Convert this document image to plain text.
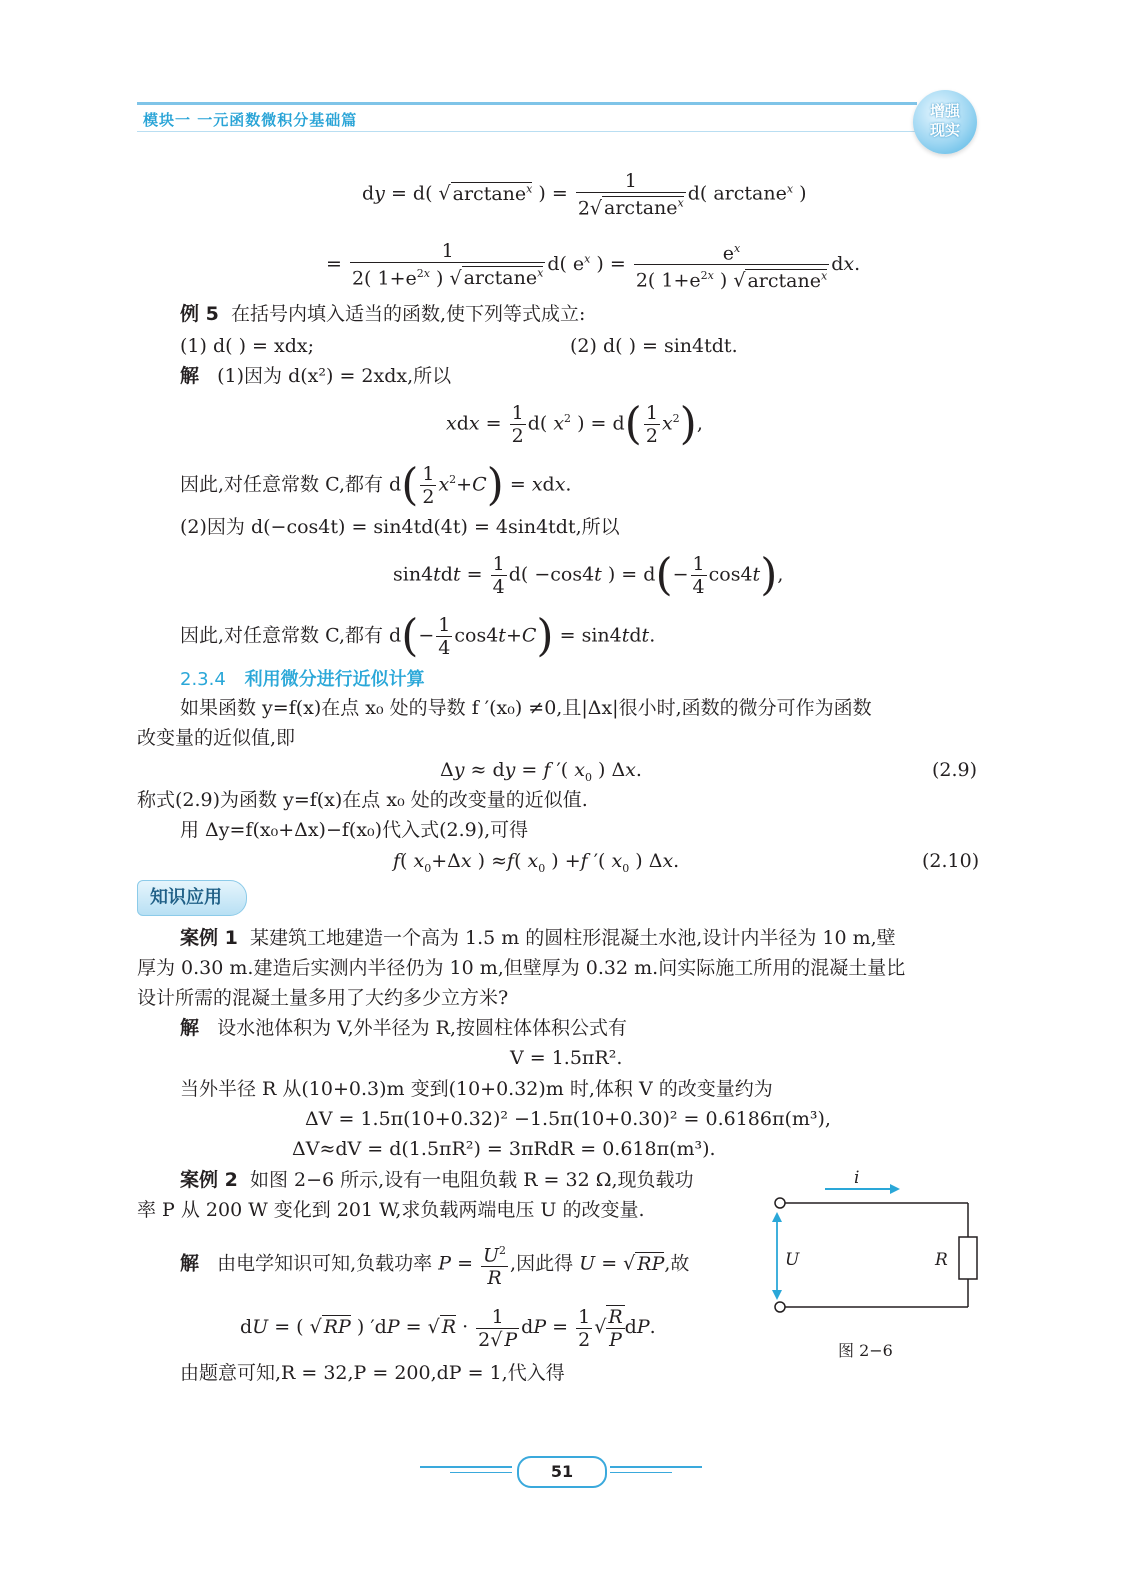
模块一 一元函数微积分基础篇	增强
现实
dy = d( √ arctane$^x$ ) = $\frac{1}{2√ \arctan e^x} d$( arctane$^x$ )
= $\frac{1}{2( 1+e^{2x} ) √ \arctan e^x} d$( $e^x$ ) = $\frac{e^x}{2( 1+e^{2x} ) √ \arctan e^x}$ dx.
例 5 在括号内填入适当的函数,使下列等式成立:
(1) d( ) = xdx;	(2) d( ) = sin4tdt.
解 (1)因为 d(x²) = 2xdx,所以
xdx = $\frac{1}{2} d$( $x^2$ ) = $d( \frac{1}{2} x^2)$,
因此,对任意常数 C,都有 $d( \frac{1}{2} x^2+C)$ = xdx.
(2)因为 d(−cos4t) = sin4td(4t) = 4sin4tdt,所以
$\sin 4tdt = \frac{1}{4} d( -\cos 4t$ ) = $d(- \frac{1}{4} \cos 4t)$,
因此,对任意常数 C,都有 $d(- \frac{1}{4} \cos 4t+C) = \sin 4tdt$.
2.3.4 利用微分进行近似计算
如果函数 y=f(x)在点 x₀ 处的导数 f ′(x₀) ≠0,且|Δx|很小时,函数的微分可作为函数
改变量的近似值,即
Δy ≈ dy = f ′( $x_0$ ) Δx.	(2.9)
称式(2.9)为函数 y=f(x)在点 x₀ 处的改变量的近似值.
用 Δy=f(x₀+Δx)−f(x₀)代入式(2.9),可得
f( $x_0+\Delta x$ ) ≈f( $x_0$ ) +f ′( $x_0$ ) Δx.	(2.10)
知识应用
案例 1 某建筑工地建造一个高为 1.5 m 的圆柱形混凝土水池,设计内半径为 10 m,壁
厚为 0.30 m.建造后实测内半径仍为 10 m,但壁厚为 0.32 m.问实际施工所用的混凝土量比
设计所需的混凝土量多用了大约多少立方米?
解 设水池体积为 V,外半径为 R,按圆柱体体积公式有
V = 1.5πR².
当外半径 R 从(10+0.3)m 变到(10+0.32)m 时,体积 V 的改变量约为
ΔV = 1.5π(10+0.32)² −1.5π(10+0.30)² = 0.6186π(m³),
ΔV≈dV = d(1.5πR²) = 3πRdR = 0.618π(m³).
案例 2 如图 2−6 所示,设有一电阻负载 R = 32 Ω,现负载功
率 P 从 200 W 变化到 201 W,求负载两端电压 U 的改变量.
解 由电学知识可知,负载功率 $P = \frac{U^2}{R}$ ,因此得 U = √ RP,故
dU = ( √ RP ) ′dP = √ $R \cdot \frac{1}{2√ P}$ dP = $\frac{1}{2}$ √ $\frac{R}{P}$ dP.
由题意可知,R = 32,P = 200,dP = 1,代入得
i
U	R
图 2−6
51
